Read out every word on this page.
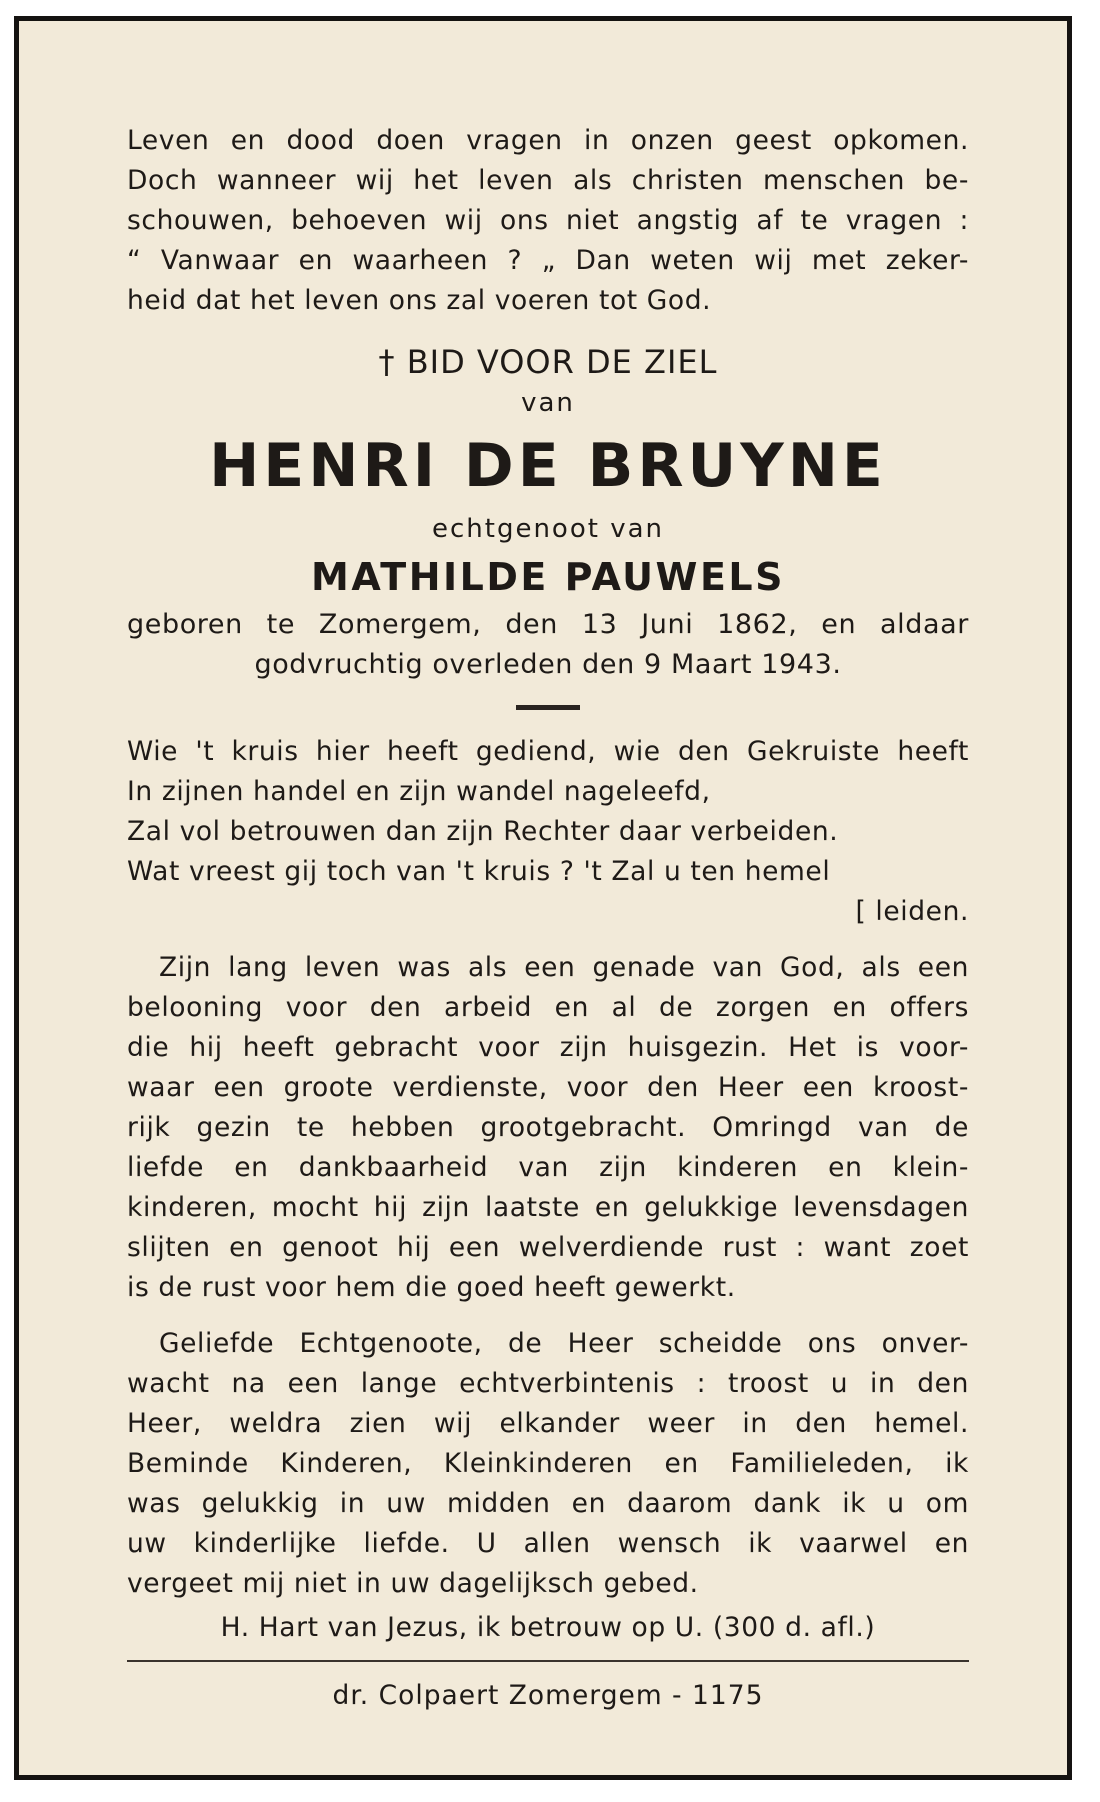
Leven en dood doen vragen in onzen geest opkomen.
Doch wanneer wij het leven als christen menschen be-
schouwen, behoeven wij ons niet angstig af te vragen :
“ Vanwaar en waarheen ? „ Dan weten wij met zeker-
heid dat het leven ons zal voeren tot God.
† BID VOOR DE ZIEL
van
HENRI DE BRUYNE
echtgenoot van
MATHILDE PAUWELS
geboren te Zomergem, den 13 Juni 1862, en aldaar
godvruchtig overleden den 9 Maart 1943.
Wie 't kruis hier heeft gediend, wie den Gekruiste heeft
In zijnen handel en zijn wandel nageleefd,
Zal vol betrouwen dan zijn Rechter daar verbeiden.
Wat vreest gij toch van 't kruis ? 't Zal u ten hemel
[ leiden.
Zijn lang leven was als een genade van God, als een
belooning voor den arbeid en al de zorgen en offers
die hij heeft gebracht voor zijn huisgezin. Het is voor-
waar een groote verdienste, voor den Heer een kroost-
rijk gezin te hebben grootgebracht. Omringd van de
liefde en dankbaarheid van zijn kinderen en klein-
kinderen, mocht hij zijn laatste en gelukkige levensdagen
slijten en genoot hij een welverdiende rust : want zoet
is de rust voor hem die goed heeft gewerkt.
Geliefde Echtgenoote, de Heer scheidde ons onver-
wacht na een lange echtverbintenis : troost u in den
Heer, weldra zien wij elkander weer in den hemel.
Beminde Kinderen, Kleinkinderen en Familieleden, ik
was gelukkig in uw midden en daarom dank ik u om
uw kinderlijke liefde. U allen wensch ik vaarwel en
vergeet mij niet in uw dagelijksch gebed.
H. Hart van Jezus, ik betrouw op U. (300 d. afl.)
dr. Colpaert Zomergem - 1175
